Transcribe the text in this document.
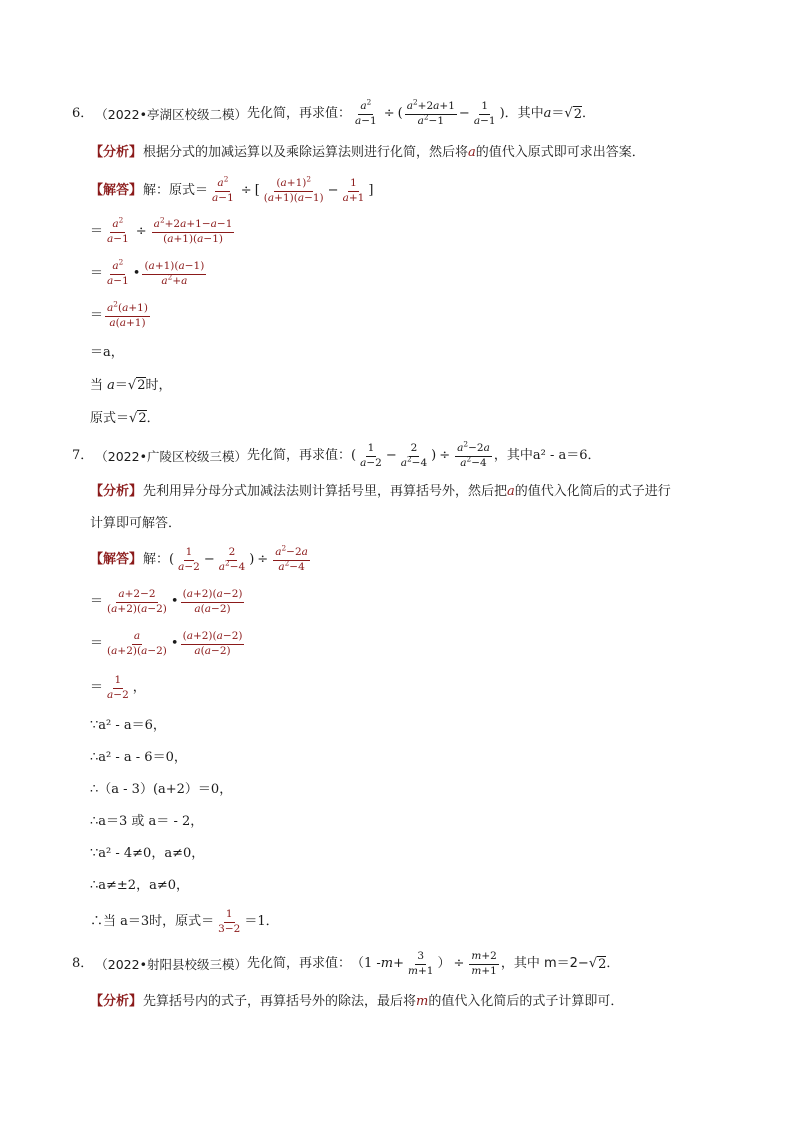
6． （2022•亭湖区校级二模） 先化简，再求值： $\frac{a^2}{a-1}$ ÷ ( $\frac{a^2+2a+1}{a^2-1} - \frac{1}{a-1}$ ) ．其中 a ＝√ 2 ．
【分析】 根据分式的加减运算以及乘除运算法则进行化简，然后将 a 的值代入原式即可求出答案．
【解答】 解：原式＝ $\frac{a^2}{a-1}$ ÷ [ $\frac{(a+1)^2}{(a+1)(a-1)} - \frac{1}{a+1}$ ]
＝ $\frac{a^2}{a-1} \div \frac{a^2+2a+1-a-1}{(a+1)(a-1)}$
＝ $\frac{a^2}{a-1}$ • $\frac{(a+1)(a-1)}{a^2+a}$
＝ $\frac{a^2(a+1)}{a(a+1)}$
＝a，
当
a ＝√ 2 时，
原式＝ √ 2 ．
7． （2022•广陵区校级三模） 先化简，再求值： ( $\frac{1}{a-2} - \frac{2}{a^2-4}$ ) ÷ $\frac{a^2-2a}{a^2-4}$ ，其中 a² - a＝6．
【分析】 先利用异分母分式加减法法则计算括号里，再算括号外，然后把 a 的值代入化简后的式子进行
计算即可解答．
【解答】 解： ( $\frac{1}{a-2} - \frac{2}{a^2-4}$ ) ÷ $\frac{a^2-2a}{a^2-4}$
＝ $\frac{a+2-2}{(a+2)(a-2)}$ • $\frac{(a+2)(a-2)}{a(a-2)}$
＝ $\frac{a}{(a+2)(a-2)}$ • $\frac{(a+2)(a-2)}{a(a-2)}$
＝ $\frac{1}{a-2}$ ，
∵a² - a＝6，
∴a² - a - 6＝0，
∴（a - 3）(a+2）＝0，
∴a＝3 或 a＝ - 2，
∵a² - 4≠0，a≠0，
∴a≠±2，a≠0，
∴当 a＝3时，原式＝ $\frac{1}{3-2} =1$．
8． （2022•射阳县校级三模） 先化简，再求值： （$1 - m + \frac{3}{m+1}$ ） ÷ $\frac{m+2}{m+1}$ ，其中 m＝2− √ 2 ．
【分析】 先算括号内的式子，再算括号外的除法，最后将 m 的值代入化简后的式子计算即可．
